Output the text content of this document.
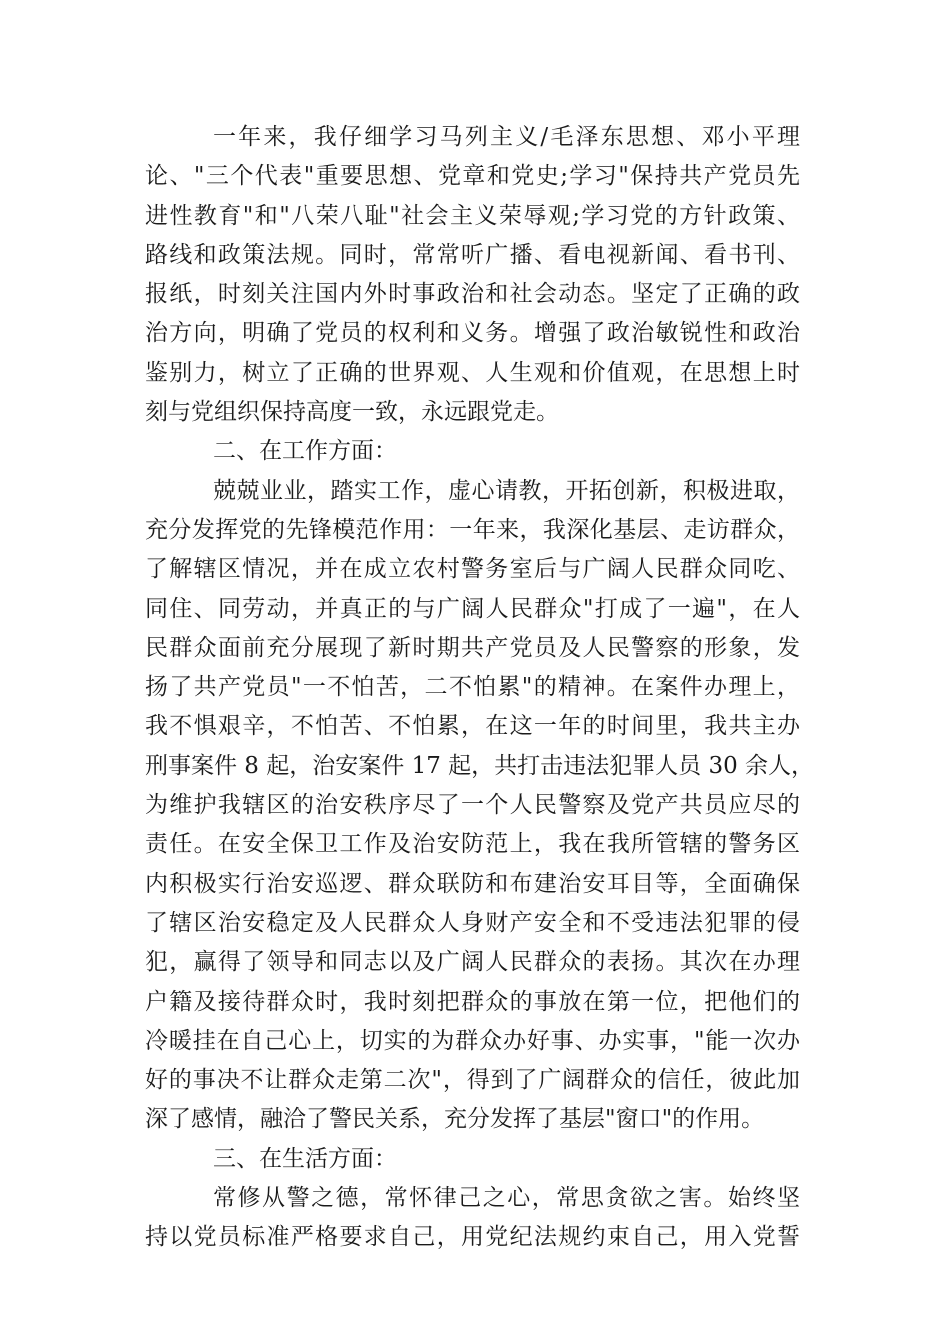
一年来，我仔细学习马列主义/毛泽东思想、邓小平理
论、"三个代表"重要思想、党章和党史;学习"保持共产党员先
进性教育"和"八荣八耻"社会主义荣辱观;学习党的方针政策、
路线和政策法规。同时，常常听广播、看电视新闻、看书刊、
报纸，时刻关注国内外时事政治和社会动态。坚定了正确的政
治方向，明确了党员的权利和义务。增强了政治敏锐性和政治
鉴别力，树立了正确的世界观、人生观和价值观，在思想上时
刻与党组织保持高度一致，永远跟党走。
二、在工作方面：
兢兢业业，踏实工作，虚心请教，开拓创新，积极进取，
充分发挥党的先锋模范作用：一年来，我深化基层、走访群众，
了解辖区情况，并在成立农村警务室后与广阔人民群众同吃、
同住、同劳动，并真正的与广阔人民群众"打成了一遍"，在人
民群众面前充分展现了新时期共产党员及人民警察的形象，发
扬了共产党员"一不怕苦，二不怕累"的精神。在案件办理上，
我不惧艰辛，不怕苦、不怕累，在这一年的时间里，我共主办
刑事案件 8 起，治安案件 17 起，共打击违法犯罪人员 30 余人，
为维护我辖区的治安秩序尽了一个人民警察及党产共员应尽的
责任。在安全保卫工作及治安防范上，我在我所管辖的警务区
内积极实行治安巡逻、群众联防和布建治安耳目等，全面确保
了辖区治安稳定及人民群众人身财产安全和不受违法犯罪的侵
犯，赢得了领导和同志以及广阔人民群众的表扬。其次在办理
户籍及接待群众时，我时刻把群众的事放在第一位，把他们的
冷暖挂在自己心上，切实的为群众办好事、办实事，"能一次办
好的事决不让群众走第二次"，得到了广阔群众的信任，彼此加
深了感情，融洽了警民关系，充分发挥了基层"窗口"的作用。
三、在生活方面：
常修从警之德，常怀律己之心，常思贪欲之害。始终坚
持以党员标准严格要求自己，用党纪法规约束自己，用入党誓
